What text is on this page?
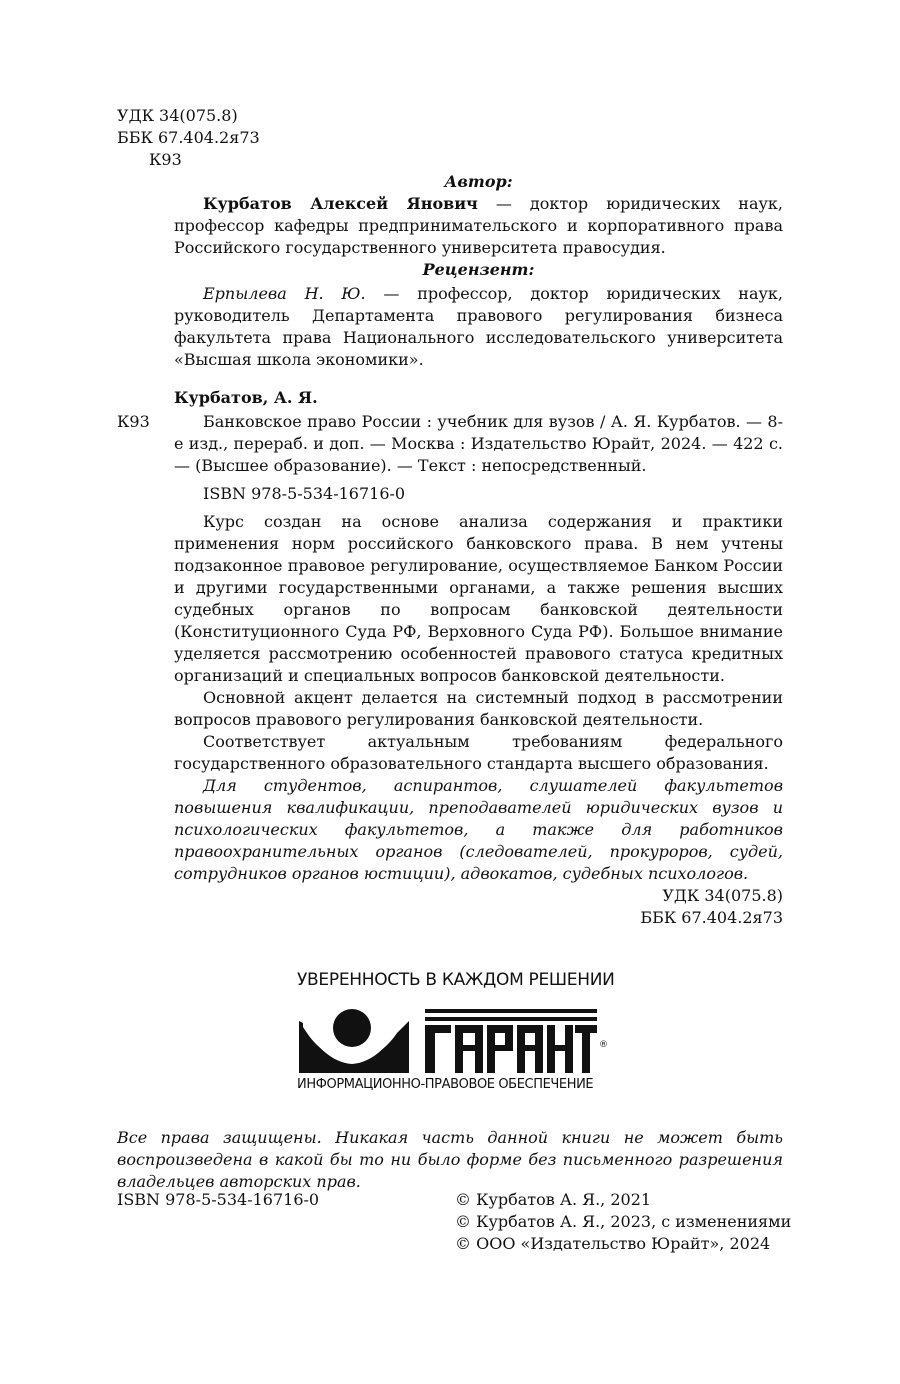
УДК 34(075.8)
ББК 67.404.2я73
К93
Автор:

Курбатов Алексей Янович — доктор юридических наук, профессор кафедры предпринимательского и корпоративного права Российского государственного университета правосудия.

Рецензент:

Ерпылева Н. Ю. — профессор, доктор юридических наук, руководитель Департамента правового регулирования бизнеса факультета права Национального исследовательского университета «Высшая школа экономики».

Курбатов, А. Я.
К93	Банковское право России : учебник для вузов / А. Я. Курбатов. — 8-е изд., перераб. и доп. — Москва : Издательство Юрайт, 2024. — 422 с. — (Высшее образование). — Текст : непосредственный.

ISBN 978-5-534-16716-0

Курс создан на основе анализа содержания и практики применения норм российского банковского права. В нем учтены подзаконное правовое регулирование, осуществляемое Банком России и другими государственными органами, а также решения высших судебных органов по вопросам банковской деятельности (Конституционного Суда РФ, Верховного Суда РФ). Большое внимание уделяется рассмотрению особенностей правового статуса кредитных организаций и специальных вопросов банковской деятельности.

Основной акцент делается на системный подход в рассмотрении вопросов правового регулирования банковской деятельности.

Соответствует актуальным требованиям федерального государственного образовательного стандарта высшего образования.

Для студентов, аспирантов, слушателей факультетов повышения квалификации, преподавателей юридических вузов и психологических факультетов, а также для работников правоохранительных органов (следователей, прокуроров, судей, сотрудников органов юстиции), адвокатов, судебных психологов.

УДК 34(075.8)
ББК 67.404.2я73
УВЕРЕННОСТЬ В КАЖДОМ РЕШЕНИИ
®
ИНФОРМАЦИОННО-ПРАВОВОЕ ОБЕСПЕЧЕНИЕ

Все права защищены. Никакая часть данной книги не может быть воспроизведена в какой бы то ни было форме без письменного разрешения владельцев авторских прав.

ISBN 978-5-534-16716-0	© Курбатов А. Я., 2021
© Курбатов А. Я., 2023, с изменениями
© ООО «Издательство Юрайт», 2024
